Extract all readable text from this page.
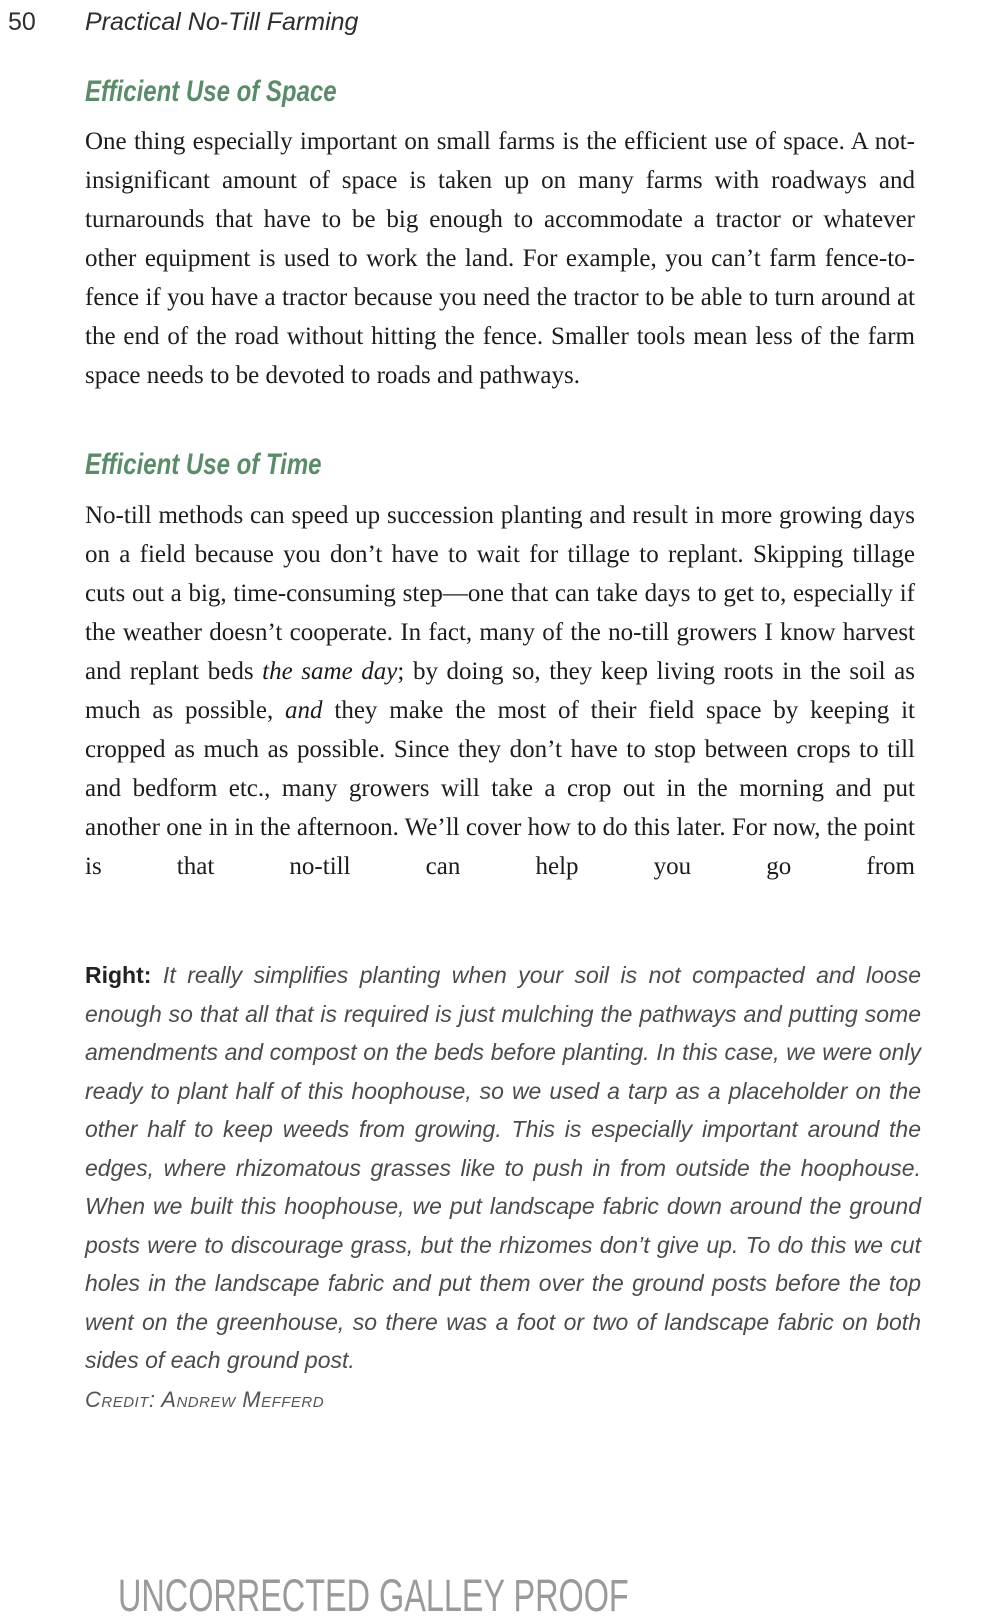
50 Practical No-Till Farming
Efficient Use of Space

One thing especially important on small farms is the efficient use of space. A not-insignificant amount of space is taken up on many farms with roadways and turnarounds that have to be big enough to accommodate a tractor or whatever other equipment is used to work the land. For example, you can’t farm fence-to-fence if you have a tractor because you need the tractor to be able to turn around at the end of the road without hitting the fence. Smaller tools mean less of the farm space needs to be devoted to roads and pathways.

Efficient Use of Time

No-till methods can speed up succession planting and result in more growing days on a field because you don’t have to wait for tillage to replant. Skipping tillage cuts out a big, time-consuming step—one that can take days to get to, especially if the weather doesn’t cooperate. In fact, many of the no-till growers I know harvest and replant beds the same day; by doing so, they keep living roots in the soil as much as possible, and they make the most of their field space by keeping it cropped as much as possible. Since they don’t have to stop between crops to till and bedform etc., many growers will take a crop out in the morning and put another one in in the afternoon. We’ll cover how to do this later. For now, the point is that no-till can help you go from

Right: It really simplifies planting when your soil is not compacted and loose enough so that all that is required is just mulching the pathways and putting some amendments and compost on the beds before planting. In this case, we were only ready to plant half of this hoophouse, so we used a tarp as a placeholder on the other half to keep weeds from growing. This is especially important around the edges, where rhizomatous grasses like to push in from outside the hoophouse. When we built this hoophouse, we put landscape fabric down around the ground posts were to discourage grass, but the rhizomes don’t give up. To do this we cut holes in the landscape fabric and put them over the ground posts before the top went on the greenhouse, so there was a foot or two of landscape fabric on both sides of each ground post.
Credit: Andrew Mefferd
UNCORRECTED GALLEY PROOF
